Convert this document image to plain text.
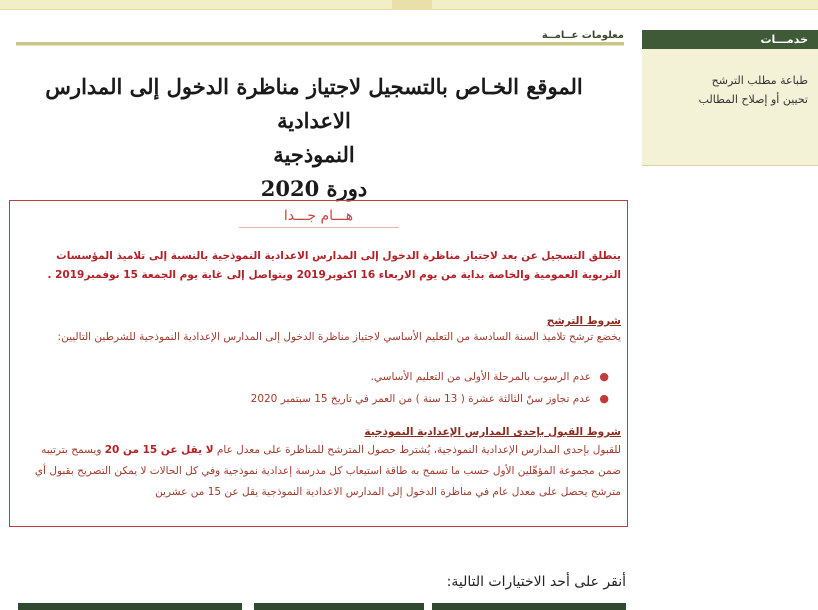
خدمـــات
طباعة مطلب الترشح
تحيين أو إصلاح المطالب
معلومات عــامــة
الموقع الخـاص بالتسجيل لاجتياز مناظرة الدخول إلى المدارس الاعدادية
النموذجية
دورة 2020
هـــام جـــدا

ينطلق التسجيل عن بعد لاجتياز مناظرة الدخول إلى المدارس الاعدادية النموذجية بالنسبة إلى تلاميذ المؤسسات التربوية العمومية والخاصة بداية من يوم الاربعاء 16 اكتوبر2019 ويتواصل إلى غاية يوم الجمعة 15 نوفمبر2019 .

شروط الترشح

يخضع ترشح تلاميذ السنة السادسة من التعليم الأساسي لاجتياز مناظرة الدخول إلى المدارس الإعدادية النموذجية للشرطين التاليين:

●
عدم الرسوب بالمرحلة الأولى من التعليم الأساسي.
●
عدم تجاوز سنّ الثالثة عشرة ( 13 سنة ) من العمر في تاريخ 15 سبتمبر 2020

شروط القبول بإحدى المدارس الإعدادية النموذجية

للقبول بإحدى المدارس الإعدادية النموذجية، يُشترط حصول المترشح للمناظرة على معدل عام لا يقل عن 15 من 20 ويسمح بترتيبه ضمن مجموعة المؤهّلين الأول حسب ما تسمح به طاقة استيعاب كل مدرسة إعدادية نموذجية وفي كل الحالات لا يمكن التصريح بقبول أي مترشح يحصل على معدل عام في مناظرة الدخول إلى المدارس الاعدادية النموذجية يقل عن 15 من عشرين

أنقر على أحد الاختيارات التالية:
